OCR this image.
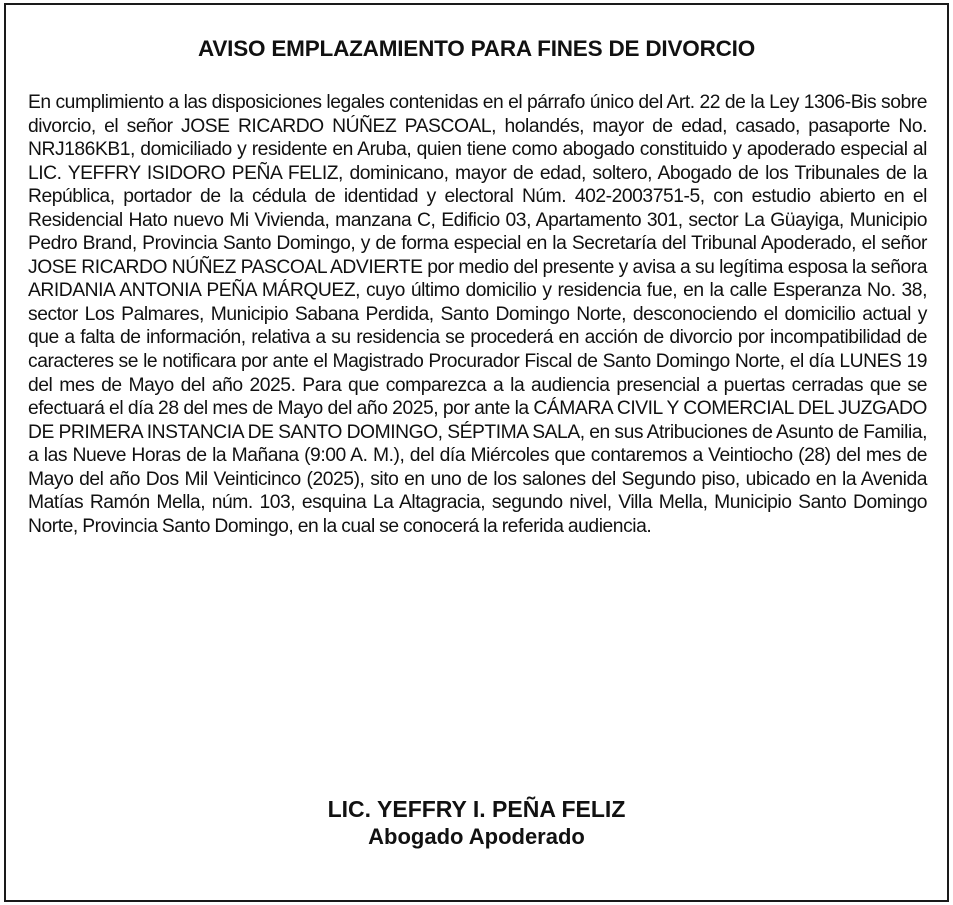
AVISO EMPLAZAMIENTO PARA FINES DE DIVORCIO

En cumplimiento a las disposiciones legales contenidas en el párrafo único del Art. 22 de la Ley 1306-Bis sobre divorcio, el señor JOSE RICARDO NÚÑEZ PASCOAL, holandés, mayor de edad, casado, pasaporte No. NRJ186KB1, domiciliado y residente en Aruba, quien tiene como abogado constituido y apoderado especial al LIC. YEFFRY ISIDORO PEÑA FELIZ, dominicano, mayor de edad, soltero, Abogado de los Tribunales de la República, portador de la cédula de identidad y electoral Núm. 402-2003751-5, con estudio abierto en el Residencial Hato nuevo Mi Vivienda, manzana C, Edificio 03, Apartamento 301, sector La Güayiga, Municipio Pedro Brand, Provincia Santo Domingo, y de forma especial en la Secretaría del Tribunal Apoderado, el señor JOSE RICARDO NÚÑEZ PASCOAL ADVIERTE por medio del presente y avisa a su legítima esposa la señora ARIDANIA ANTONIA PEÑA MÁRQUEZ, cuyo último domicilio y residencia fue, en la calle Esperanza No. 38, sector Los Palmares, Municipio Sabana Perdida, Santo Domingo Norte, desconociendo el domicilio actual y que a falta de información, relativa a su residencia se procederá en acción de divorcio por incompatibilidad de caracteres se le notificara por ante el Magistrado Procurador Fiscal de Santo Domingo Norte, el día LUNES 19 del mes de Mayo del año 2025. Para que comparezca a la audiencia presencial a puertas cerradas que se efectuará el día 28 del mes de Mayo del año 2025, por ante la CÁMARA CIVIL Y COMERCIAL DEL JUZGADO DE PRIMERA INSTANCIA DE SANTO DOMINGO, SÉPTIMA SALA, en sus Atribuciones de Asunto de Familia, a las Nueve Horas de la Mañana (9:00 A. M.), del día Miércoles que contaremos a Veintiocho (28) del mes de Mayo del año Dos Mil Veinticinco (2025), sito en uno de los salones del Segundo piso, ubicado en la Avenida Matías Ramón Mella, núm. 103, esquina La Altagracia, segundo nivel, Villa Mella, Municipio Santo Domingo Norte, Provincia Santo Domingo, en la cual se conocerá la referida audiencia.

LIC. YEFFRY I. PEÑA FELIZ
Abogado Apoderado
